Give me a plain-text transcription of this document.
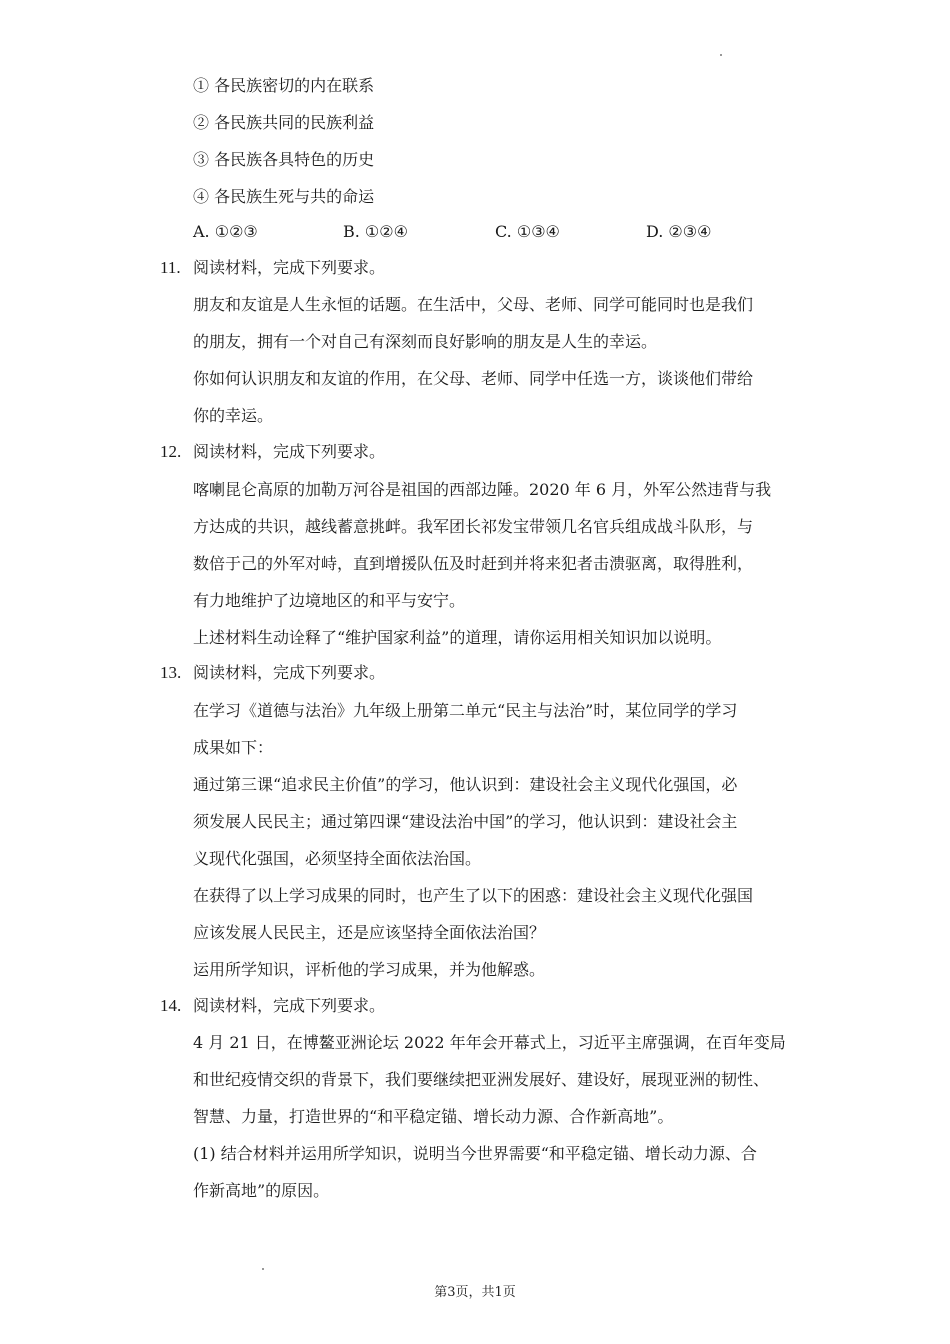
① 各民族密切的内在联系
② 各民族共同的民族利益
③ 各民族各具特色的历史
④ 各民族生死与共的命运
A. ①②③	B. ①②④	C. ①③④	D. ②③④
11. 阅读材料，完成下列要求。
朋友和友谊是人生永恒的话题。在生活中，父母、老师、同学可能同时也是我们
的朋友，拥有一个对自己有深刻而良好影响的朋友是人生的幸运。
你如何认识朋友和友谊的作用，在父母、老师、同学中任选一方，谈谈他们带给
你的幸运。
12. 阅读材料，完成下列要求。
喀喇昆仑高原的加勒万河谷是祖国的西部边陲。2020 年 6 月，外军公然违背与我
方达成的共识，越线蓄意挑衅。我军团长祁发宝带领几名官兵组成战斗队形，与
数倍于己的外军对峙，直到增援队伍及时赶到并将来犯者击溃驱离，取得胜利，
有力地维护了边境地区的和平与安宁。
上述材料生动诠释了“维护国家利益”的道理，请你运用相关知识加以说明。
13. 阅读材料，完成下列要求。
在学习《道德与法治》九年级上册第二单元“民主与法治”时，某位同学的学习
成果如下：
通过第三课“追求民主价值”的学习，他认识到：建设社会主义现代化强国，必
须发展人民民主；通过第四课“建设法治中国”的学习，他认识到：建设社会主
义现代化强国，必须坚持全面依法治国。
在获得了以上学习成果的同时，也产生了以下的困惑：建设社会主义现代化强国
应该发展人民民主，还是应该坚持全面依法治国？
运用所学知识，评析他的学习成果，并为他解惑。
14. 阅读材料，完成下列要求。
4 月 21 日，在博鳌亚洲论坛 2022 年年会开幕式上，习近平主席强调，在百年变局
和世纪疫情交织的背景下，我们要继续把亚洲发展好、建设好，展现亚洲的韧性、
智慧、力量，打造世界的“和平稳定锚、增长动力源、合作新高地”。
(1) 结合材料并运用所学知识，说明当今世界需要“和平稳定锚、增长动力源、合
作新高地”的原因。
第3页，共1页
